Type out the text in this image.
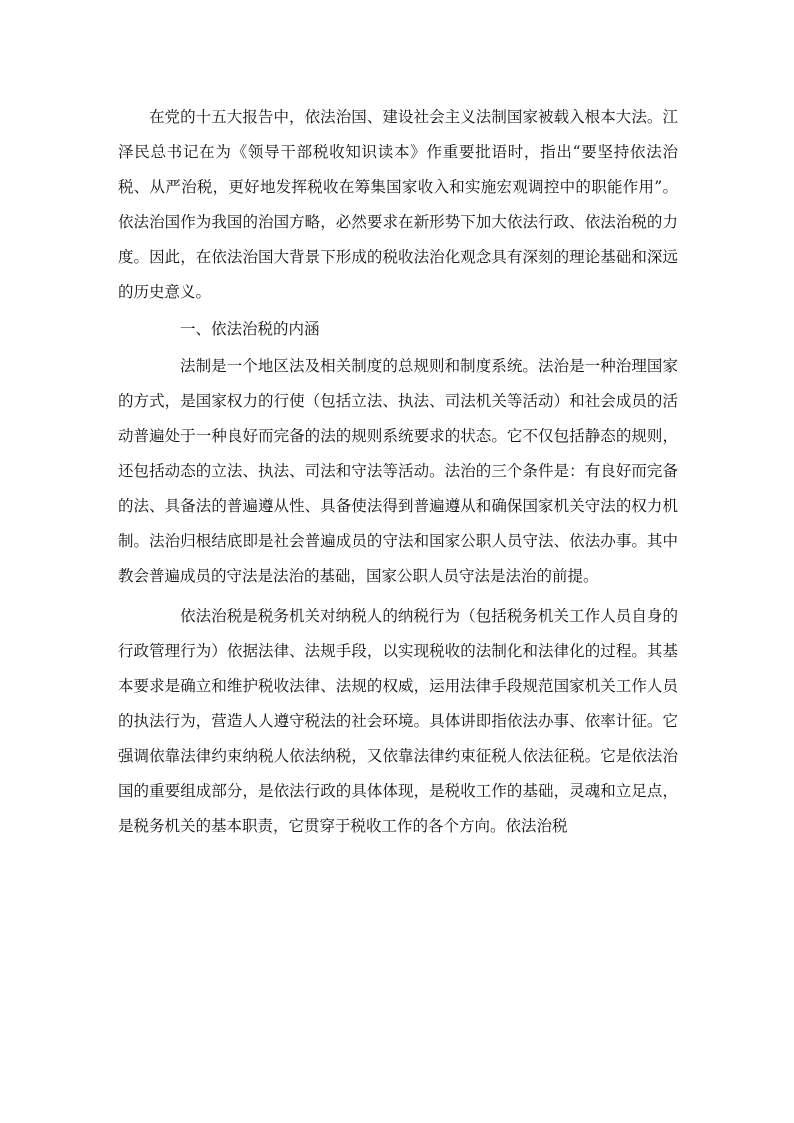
在党的十五大报告中，依法治国、建设社会主义法制国家被载入根本大法。江泽民总书记在为《领导干部税收知识读本》作重要批语时，指出“要坚持依法治税、从严治税，更好地发挥税收在筹集国家收入和实施宏观调控中的职能作用”。依法治国作为我国的治国方略，必然要求在新形势下加大依法行政、依法治税的力度。因此，在依法治国大背景下形成的税收法治化观念具有深刻的理论基础和深远的历史意义。

一、依法治税的内涵

法制是一个地区法及相关制度的总规则和制度系统。法治是一种治理国家的方式，是国家权力的行使（包括立法、执法、司法机关等活动）和社会成员的活动普遍处于一种良好而完备的法的规则系统要求的状态。它不仅包括静态的规则，还包括动态的立法、执法、司法和守法等活动。法治的三个条件是：有良好而完备的法、具备法的普遍遵从性、具备使法得到普遍遵从和确保国家机关守法的权力机制。法治归根结底即是社会普遍成员的守法和国家公职人员守法、依法办事。其中教会普遍成员的守法是法治的基础，国家公职人员守法是法治的前提。

依法治税是税务机关对纳税人的纳税行为（包括税务机关工作人员自身的行政管理行为）依据法律、法规手段，以实现税收的法制化和法律化的过程。其基本要求是确立和维护税收法律、法规的权威，运用法律手段规范国家机关工作人员的执法行为，营造人人遵守税法的社会环境。具体讲即指依法办事、依率计征。它强调依靠法律约束纳税人依法纳税，又依靠法律约束征税人依法征税。它是依法治国的重要组成部分，是依法行政的具体体现，是税收工作的基础，灵魂和立足点，是税务机关的基本职责，它贯穿于税收工作的各个方向。依法治税
